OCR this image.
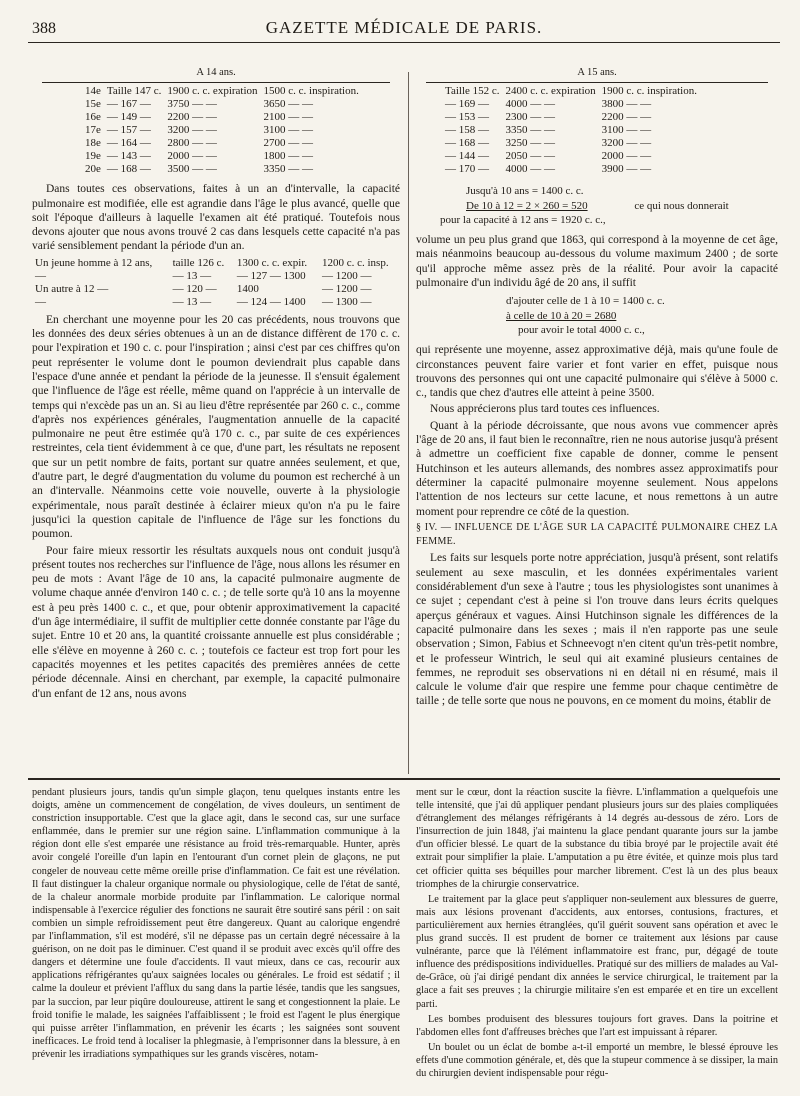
388	GAZETTE MÉDICALE DE PARIS.
A 14 ans.
14e	Taille 147 c.	1900 c. c. expiration	1500 c. c. inspiration.
15e	— 167 —	3750 — —	3650 — —
16e	— 149 —	2200 — —	2100 — —
17e	— 157 —	3200 — —	3100 — —
18e	— 164 —	2800 — —	2700 — —
19e	— 143 —	2000 — —	1800 — —
20e	— 168 —	3500 — —	3350 — —

Dans toutes ces observations, faites à un an d'intervalle, la capacité pulmonaire est modifiée, elle est agrandie dans l'âge le plus avancé, quelle que soit l'époque d'ailleurs à laquelle l'examen ait été pratiqué. Toutefois nous devons ajouter que nous avons trouvé 2 cas dans lesquels cette capacité n'a pas varié sensiblement pendant la période d'un an.

Un jeune homme à 12 ans,	taille 126 c.	1300 c. c. expir.	1200 c. c. insp.
—	— 13 —	— 127 — 1300	— 1200 —
Un autre à 12 —	— 120 —	1400	— 1200 —
—	— 13 —	— 124 — 1400	— 1300 —

En cherchant une moyenne pour les 20 cas précédents, nous trouvons que les données des deux séries obtenues à un an de distance diffèrent de 170 c. c. pour l'expiration et 190 c. c. pour l'inspiration ; ainsi c'est par ces chiffres qu'on peut représenter le volume dont le poumon deviendrait plus capable dans l'espace d'une année et pendant la période de la jeunesse. Il s'ensuit également que l'influence de l'âge est réelle, même quand on l'apprécie à un intervalle de temps qui n'excède pas un an. Si au lieu d'être représentée par 260 c. c., comme d'après nos expériences générales, l'augmentation annuelle de la capacité pulmonaire ne peut être estimée qu'à 170 c. c., par suite de ces expériences restreintes, cela tient évidemment à ce que, d'une part, les résultats ne reposent que sur un petit nombre de faits, portant sur quatre années seulement, et que, d'autre part, le degré d'augmentation du volume du poumon est recherché à un an d'intervalle. Néanmoins cette voie nouvelle, ouverte à la physiologie expérimentale, nous paraît destinée à éclairer mieux qu'on n'a pu le faire jusqu'ici la question capitale de l'influence de l'âge sur les fonctions du poumon.

Pour faire mieux ressortir les résultats auxquels nous ont conduit jusqu'à présent toutes nos recherches sur l'influence de l'âge, nous allons les résumer en peu de mots : Avant l'âge de 10 ans, la capacité pulmonaire augmente de volume chaque année d'environ 140 c. c. ; de telle sorte qu'à 10 ans la moyenne est à peu près 1400 c. c., et que, pour obtenir approximativement la capacité d'un âge intermédiaire, il suffit de multiplier cette donnée constante par l'âge du sujet. Entre 10 et 20 ans, la quantité croissante annuelle est plus considérable ; elle s'élève en moyenne à 260 c. c. ; toutefois ce facteur est trop fort pour les capacités moyennes et les petites capacités des premières années de cette période décennale. Ainsi en cherchant, par exemple, la capacité pulmonaire d'un enfant de 12 ans, nous avons

A 15 ans.
Taille 152 c.	2400 c. c. expiration	1900 c. c. inspiration.
— 169 —	4000 — —	3800 — —
— 153 —	2300 — —	2200 — —
— 158 —	3350 — —	3100 — —
— 168 —	3250 — —	3200 — —
— 144 —	2050 — —	2000 — —
— 170 —	4000 — —	3900 — —
Jusqu'à 10 ans = 1400 c. c.
De 10 à 12 = 2 × 260 = 520	ce qui nous donnerait
pour la capacité à 12 ans = 1920 c. c.,

volume un peu plus grand que 1863, qui correspond à la moyenne de cet âge, mais néanmoins beaucoup au-dessous du volume maximum 2400 ; de sorte qu'il approche même assez près de la réalité. Pour avoir la capacité pulmonaire d'un individu âgé de 20 ans, il suffit

d'ajouter celle de 1 à 10 = 1400 c. c.
à celle de 10 à 20 = 2680
pour avoir le total 4000 c. c.,

qui représente une moyenne, assez approximative déjà, mais qu'une foule de circonstances peuvent faire varier et font varier en effet, puisque nous trouvons des personnes qui ont une capacité pulmonaire qui s'élève à 5000 c. c., tandis que chez d'autres elle atteint à peine 3500.

Nous apprécierons plus tard toutes ces influences.

Quant à la période décroissante, que nous avons vue commencer après l'âge de 20 ans, il faut bien le reconnaître, rien ne nous autorise jusqu'à présent à admettre un coefficient fixe capable de donner, comme le pensent Hutchinson et les auteurs allemands, des nombres assez approximatifs pour déterminer la capacité pulmonaire moyenne seulement. Nous appelons l'attention de nos lecteurs sur cette lacune, et nous remettons à un autre moment pour reprendre ce côté de la question.

§ IV. — INFLUENCE DE L'ÂGE SUR LA CAPACITÉ PULMONAIRE CHEZ LA FEMME.

Les faits sur lesquels porte notre appréciation, jusqu'à présent, sont relatifs seulement au sexe masculin, et les données expérimentales varient considérablement d'un sexe à l'autre ; tous les physiologistes sont unanimes à ce sujet ; cependant c'est à peine si l'on trouve dans leurs écrits quelques aperçus généraux et vagues. Ainsi Hutchinson signale les différences de la capacité pulmonaire dans les sexes ; mais il n'en rapporte pas une seule observation ; Simon, Fabius et Schneevogt n'en citent qu'un très-petit nombre, et le professeur Wintrich, le seul qui ait examiné plusieurs centaines de femmes, ne reproduit ses observations ni en détail ni en résumé, mais il calcule le volume d'air que respire une femme pour chaque centimètre de taille ; de telle sorte que nous ne pouvons, en ce moment du moins, établir de

pendant plusieurs jours, tandis qu'un simple glaçon, tenu quelques instants entre les doigts, amène un commencement de congélation, de vives douleurs, un sentiment de constriction insupportable. C'est que la glace agit, dans le second cas, sur une surface enflammée, dans le premier sur une région saine. L'inflammation communique à la région dont elle s'est emparée une résistance au froid très-remarquable. Hunter, après avoir congelé l'oreille d'un lapin en l'entourant d'un cornet plein de glaçons, ne put congeler de nouveau cette même oreille prise d'inflammation. Ce fait est une révélation. Il faut distinguer la chaleur organique normale ou physiologique, celle de l'état de santé, de la chaleur anormale morbide produite par l'inflammation. Le calorique normal indispensable à l'exercice régulier des fonctions ne saurait être soutiré sans péril : on sait combien un simple refroidissement peut être dangereux. Quant au calorique engendré par l'inflammation, s'il est modéré, s'il ne dépasse pas un certain degré nécessaire à la guérison, on ne doit pas le diminuer. C'est quand il se produit avec excès qu'il offre des dangers et détermine une foule d'accidents. Il vaut mieux, dans ce cas, recourir aux applications réfrigérantes qu'aux saignées locales ou générales. Le froid est sédatif ; il calme la douleur et prévient l'afflux du sang dans la partie lésée, tandis que les sangsues, par la succion, par leur piqûre douloureuse, attirent le sang et congestionnent la plaie. Le froid tonifie le malade, les saignées l'affaiblissent ; le froid est l'agent le plus énergique qui puisse arrêter l'inflammation, en prévenir les écarts ; les saignées sont souvent inefficaces. Le froid tend à localiser la phlegmasie, à l'emprisonner dans la blessure, à en prévenir les irradiations sympathiques sur les grands viscères, notam-

ment sur le cœur, dont la réaction suscite la fièvre. L'inflammation a quelquefois une telle intensité, que j'ai dû appliquer pendant plusieurs jours sur des plaies compliquées d'étranglement des mélanges réfrigérants à 14 degrés au-dessous de zéro. Lors de l'insurrection de juin 1848, j'ai maintenu la glace pendant quarante jours sur la jambe d'un officier blessé. Le quart de la substance du tibia broyé par le projectile avait été extrait pour simplifier la plaie. L'amputation a pu être évitée, et quinze mois plus tard cet officier quitta ses béquilles pour marcher librement. C'est là un des plus beaux triomphes de la chirurgie conservatrice.

Le traitement par la glace peut s'appliquer non-seulement aux blessures de guerre, mais aux lésions provenant d'accidents, aux entorses, contusions, fractures, et particulièrement aux hernies étranglées, qu'il guérit souvent sans opération et avec le plus grand succès. Il est prudent de borner ce traitement aux lésions par cause vulnérante, parce que là l'élément inflammatoire est franc, pur, dégagé de toute influence des prédispositions individuelles. Pratiqué sur des milliers de malades au Val-de-Grâce, où j'ai dirigé pendant dix années le service chirurgical, le traitement par la glace a fait ses preuves ; la chirurgie militaire s'en est emparée et en tire un excellent parti.

Les bombes produisent des blessures toujours fort graves. Dans la poitrine et l'abdomen elles font d'affreuses brèches que l'art est impuissant à réparer.

Un boulet ou un éclat de bombe a-t-il emporté un membre, le blessé éprouve les effets d'une commotion générale, et, dès que la stupeur commence à se dissiper, la main du chirurgien devient indispensable pour régu-
